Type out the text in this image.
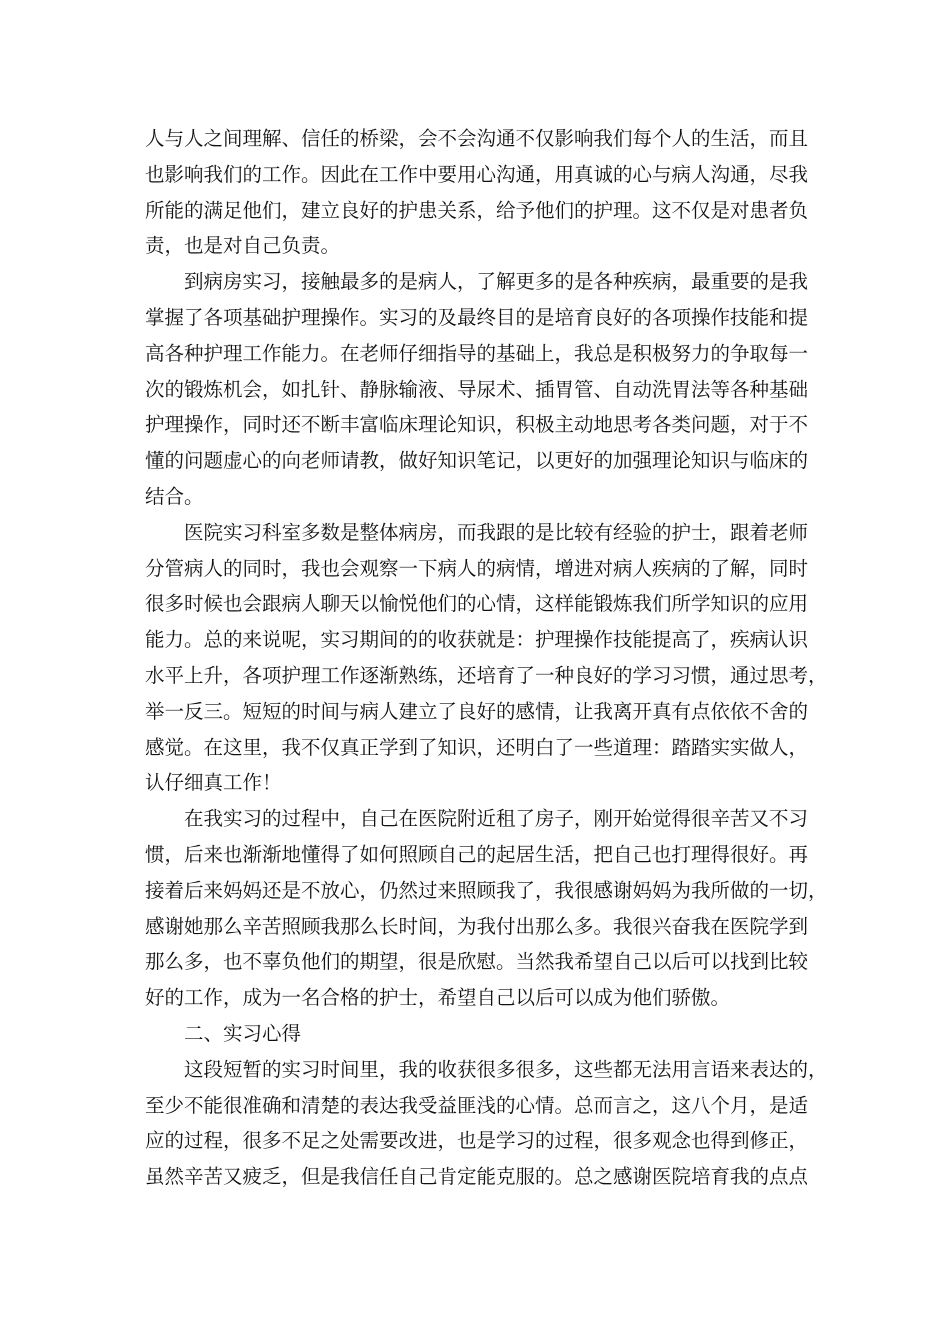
人与人之间理解、信任的桥梁，会不会沟通不仅影响我们每个人的生活，而且
也影响我们的工作。因此在工作中要用心沟通，用真诚的心与病人沟通，尽我
所能的满足他们，建立良好的护患关系，给予他们的护理。这不仅是对患者负
责，也是对自己负责。
到病房实习，接触最多的是病人，了解更多的是各种疾病，最重要的是我
掌握了各项基础护理操作。实习的及最终目的是培育良好的各项操作技能和提
高各种护理工作能力。在老师仔细指导的基础上，我总是积极努力的争取每一
次的锻炼机会，如扎针、静脉输液、导尿术、插胃管、自动洗胃法等各种基础
护理操作，同时还不断丰富临床理论知识，积极主动地思考各类问题，对于不
懂的问题虚心的向老师请教，做好知识笔记，以更好的加强理论知识与临床的
结合。
医院实习科室多数是整体病房，而我跟的是比较有经验的护士，跟着老师
分管病人的同时，我也会观察一下病人的病情，增进对病人疾病的了解，同时
很多时候也会跟病人聊天以愉悦他们的心情，这样能锻炼我们所学知识的应用
能力。总的来说呢，实习期间的的收获就是：护理操作技能提高了，疾病认识
水平上升，各项护理工作逐渐熟练，还培育了一种良好的学习习惯，通过思考，
举一反三。短短的时间与病人建立了良好的感情，让我离开真有点依依不舍的
感觉。在这里，我不仅真正学到了知识，还明白了一些道理：踏踏实实做人，
认仔细真工作！
在我实习的过程中，自己在医院附近租了房子，刚开始觉得很辛苦又不习
惯，后来也渐渐地懂得了如何照顾自己的起居生活，把自己也打理得很好。再
接着后来妈妈还是不放心，仍然过来照顾我了，我很感谢妈妈为我所做的一切，
感谢她那么辛苦照顾我那么长时间，为我付出那么多。我很兴奋我在医院学到
那么多，也不辜负他们的期望，很是欣慰。当然我希望自己以后可以找到比较
好的工作，成为一名合格的护士，希望自己以后可以成为他们骄傲。
二、实习心得
这段短暂的实习时间里，我的收获很多很多，这些都无法用言语来表达的，
至少不能很准确和清楚的表达我受益匪浅的心情。总而言之，这八个月，是适
应的过程，很多不足之处需要改进，也是学习的过程，很多观念也得到修正，
虽然辛苦又疲乏，但是我信任自己肯定能克服的。总之感谢医院培育我的点点
